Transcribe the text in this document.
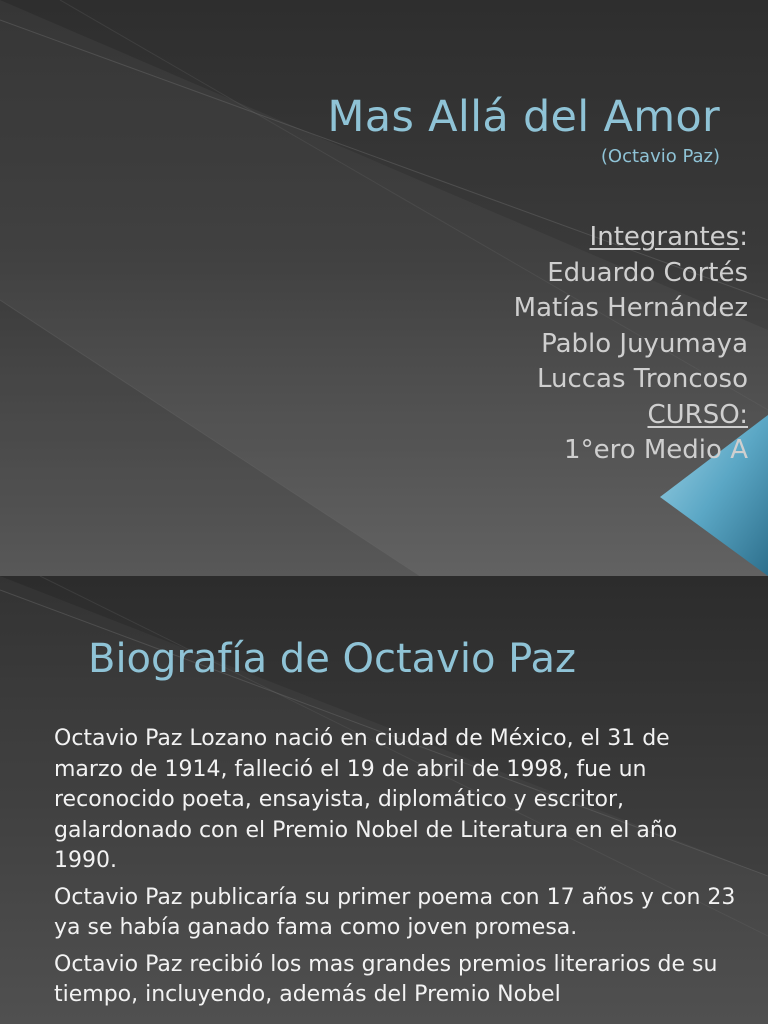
Mas Allá del Amor
(Octavio Paz)
Integrantes:
Eduardo Cortés
Matías Hernández
Pablo Juyumaya
Luccas Troncoso
CURSO:
1°ero Medio A
Biografía de Octavio Paz

Octavio Paz Lozano nació en ciudad de México, el 31 de marzo de 1914, falleció el 19 de abril de 1998, fue un reconocido poeta, ensayista, diplomático y escritor, galardonado con el Premio Nobel de Literatura en el año 1990.

Octavio Paz publicaría su primer poema con 17 años y con 23 ya se había ganado fama como joven promesa.

Octavio Paz recibió los mas grandes premios literarios de su tiempo, incluyendo, además del Premio Nobel
